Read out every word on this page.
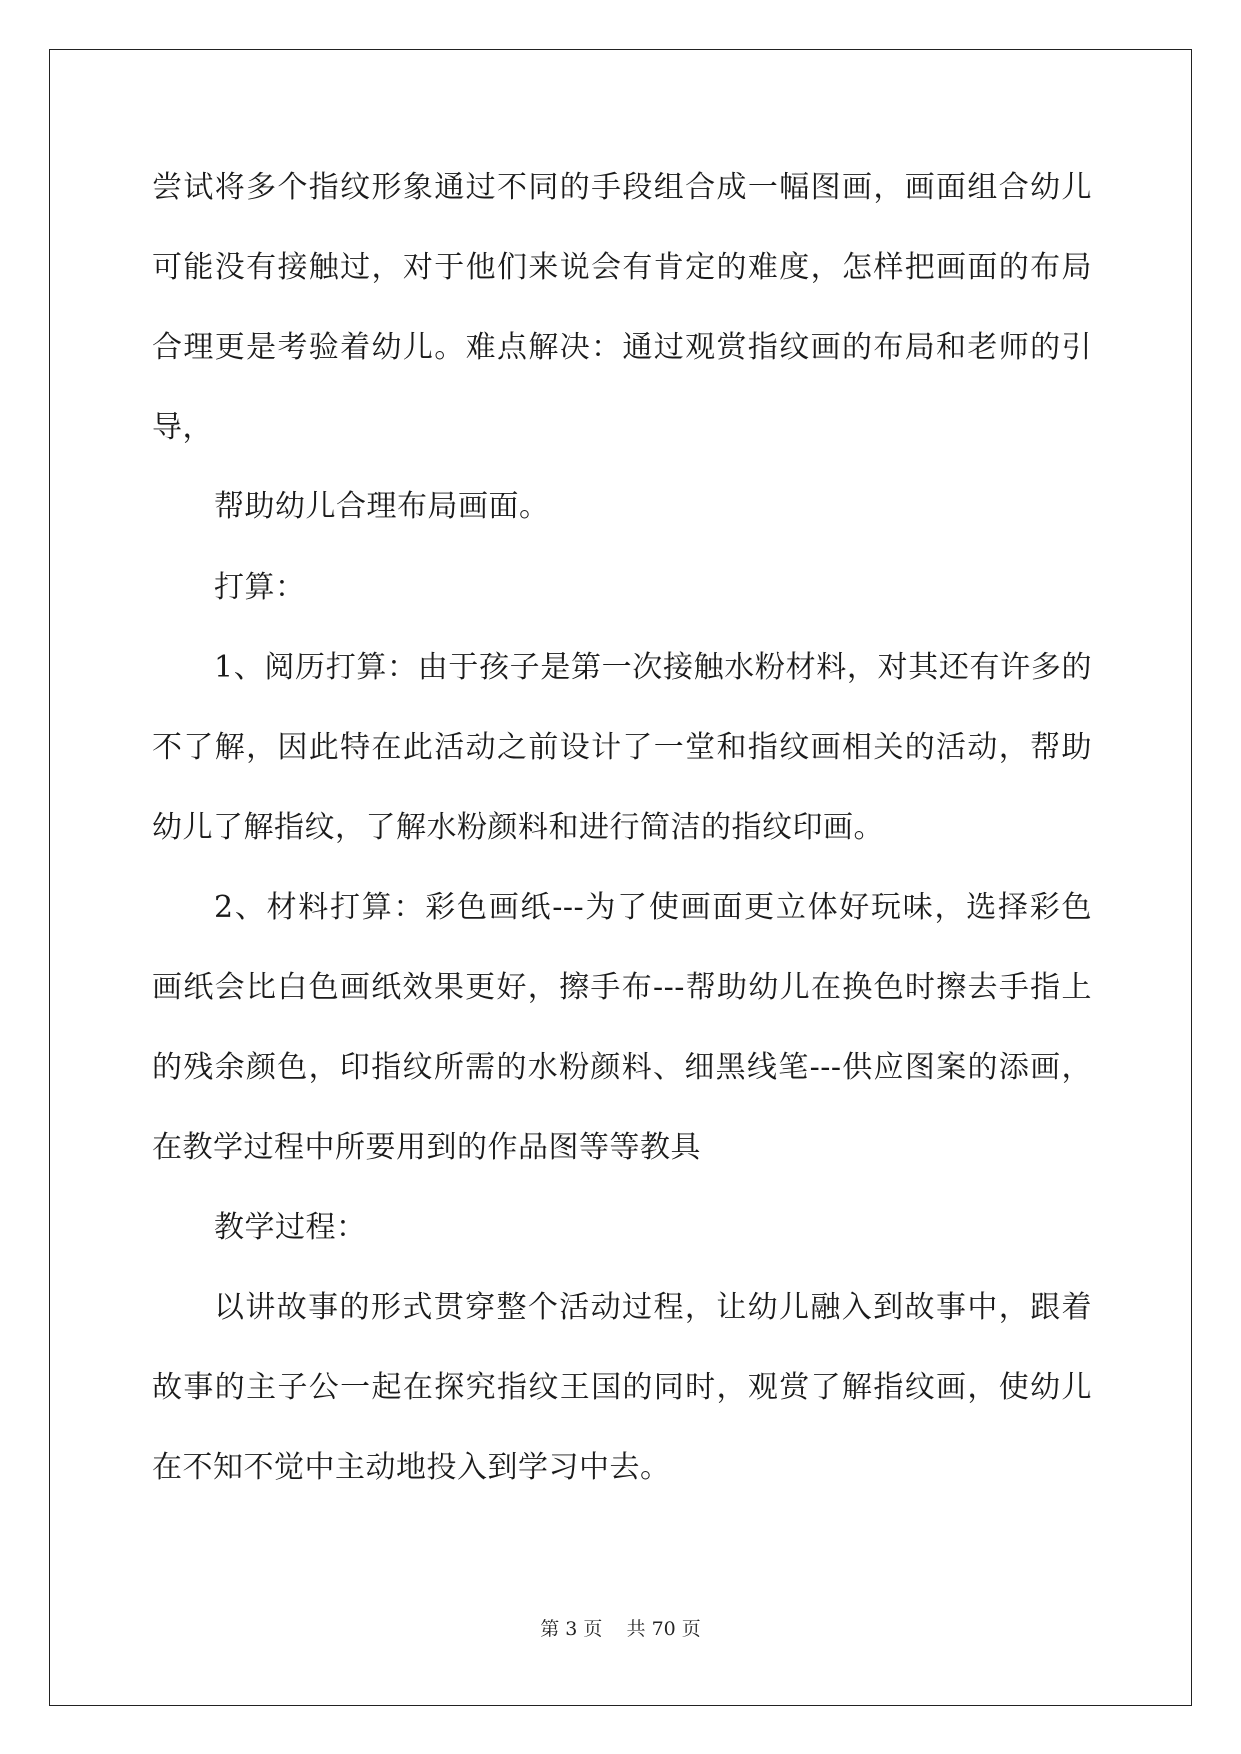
尝试将多个指纹形象通过不同的手段组合成一幅图画，画面组合幼儿
可能没有接触过，对于他们来说会有肯定的难度，怎样把画面的布局
合理更是考验着幼儿。难点解决：通过观赏指纹画的布局和老师的引
导，
帮助幼儿合理布局画面。
打算：
1、阅历打算：由于孩子是第一次接触水粉材料，对其还有许多的
不了解，因此特在此活动之前设计了一堂和指纹画相关的活动，帮助
幼儿了解指纹，了解水粉颜料和进行简洁的指纹印画。
2、材料打算：彩色画纸---为了使画面更立体好玩味，选择彩色
画纸会比白色画纸效果更好，擦手布---帮助幼儿在换色时擦去手指上
的残余颜色，印指纹所需的水粉颜料、细黑线笔---供应图案的添画，
在教学过程中所要用到的作品图等等教具
教学过程：
以讲故事的形式贯穿整个活动过程，让幼儿融入到故事中，跟着
故事的主子公一起在探究指纹王国的同时，观赏了解指纹画，使幼儿
在不知不觉中主动地投入到学习中去。
第 3 页    共 70 页
